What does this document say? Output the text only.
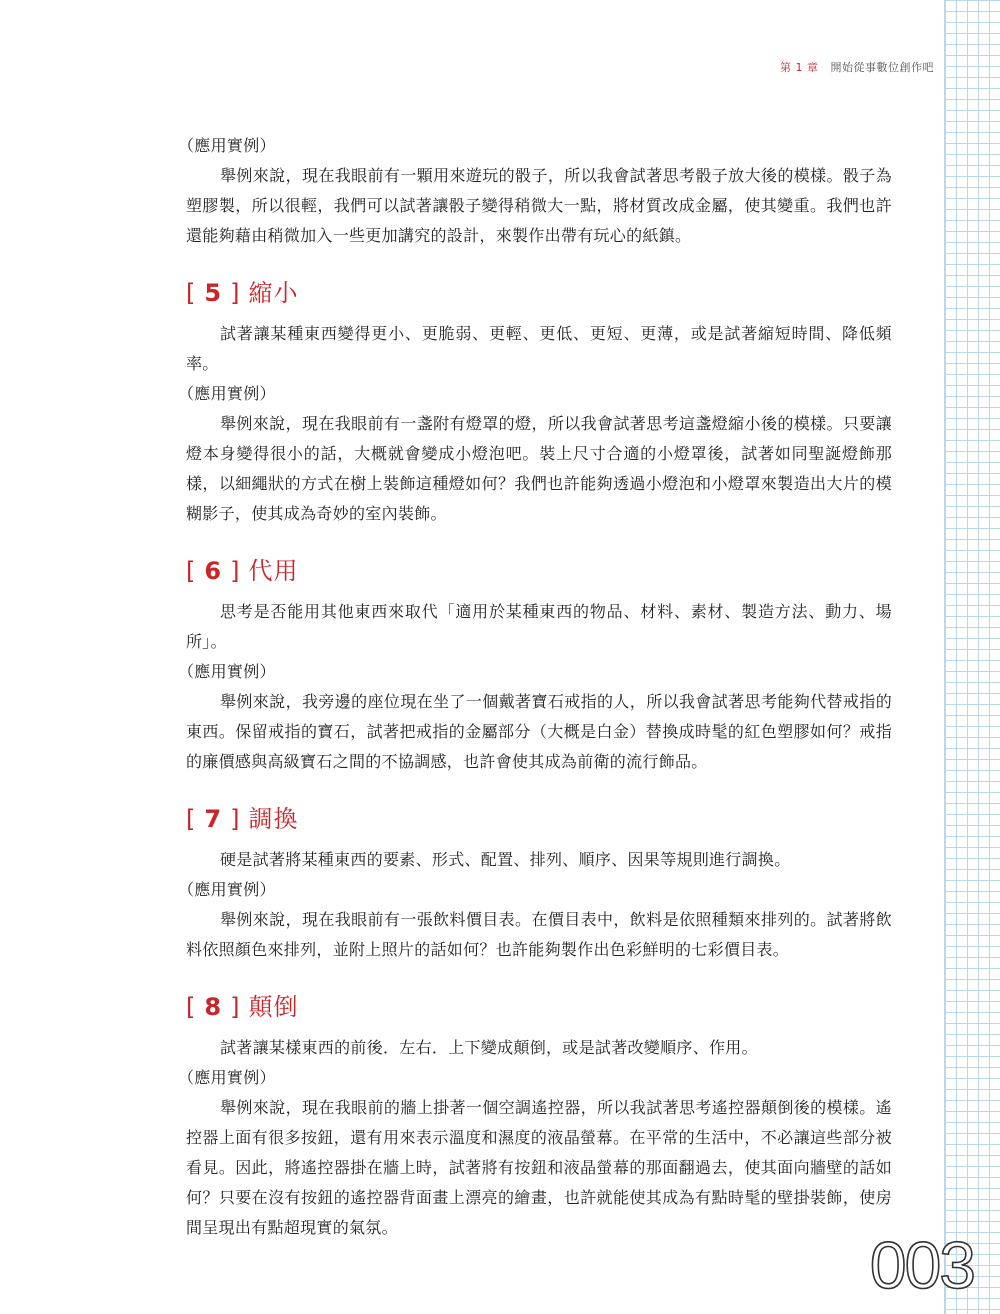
第 1 章 開始從事數位創作吧

（應用實例）

舉例來說，現在我眼前有一顆用來遊玩的骰子，所以我會試著思考骰子放大後的模樣。骰子為塑膠製，所以很輕，我們可以試著讓骰子變得稍微大一點，將材質改成金屬，使其變重。我們也許還能夠藉由稍微加入一些更加講究的設計，來製作出帶有玩心的紙鎮。

[ 5 ] 縮小

試著讓某種東西變得更小、更脆弱、更輕、更低、更短、更薄，或是試著縮短時間、降低頻率。

（應用實例）

舉例來說，現在我眼前有一盞附有燈罩的燈，所以我會試著思考這盞燈縮小後的模樣。只要讓燈本身變得很小的話，大概就會變成小燈泡吧。裝上尺寸合適的小燈罩後，試著如同聖誕燈飾那樣，以細繩狀的方式在樹上裝飾這種燈如何？我們也許能夠透過小燈泡和小燈罩來製造出大片的模糊影子，使其成為奇妙的室內裝飾。

[ 6 ] 代用

思考是否能用其他東西來取代「適用於某種東西的物品、材料、素材、製造方法、動力、場所」。

（應用實例）

舉例來說，我旁邊的座位現在坐了一個戴著寶石戒指的人，所以我會試著思考能夠代替戒指的東西。保留戒指的寶石，試著把戒指的金屬部分（大概是白金）替換成時髦的紅色塑膠如何？戒指的廉價感與高級寶石之間的不協調感，也許會使其成為前衛的流行飾品。

[ 7 ] 調換

硬是試著將某種東西的要素、形式、配置、排列、順序、因果等規則進行調換。

（應用實例）

舉例來說，現在我眼前有一張飲料價目表。在價目表中，飲料是依照種類來排列的。試著將飲料依照顏色來排列，並附上照片的話如何？也許能夠製作出色彩鮮明的七彩價目表。

[ 8 ] 顛倒

試著讓某樣東西的前後．左右．上下變成顛倒，或是試著改變順序、作用。

（應用實例）

舉例來說，現在我眼前的牆上掛著一個空調遙控器，所以我試著思考遙控器顛倒後的模樣。遙控器上面有很多按鈕，還有用來表示溫度和濕度的液晶螢幕。在平常的生活中，不必讓這些部分被看見。因此，將遙控器掛在牆上時，試著將有按鈕和液晶螢幕的那面翻過去，使其面向牆壁的話如何？只要在沒有按鈕的遙控器背面畫上漂亮的繪畫，也許就能使其成為有點時髦的壁掛裝飾，使房間呈現出有點超現實的氣氛。

003
